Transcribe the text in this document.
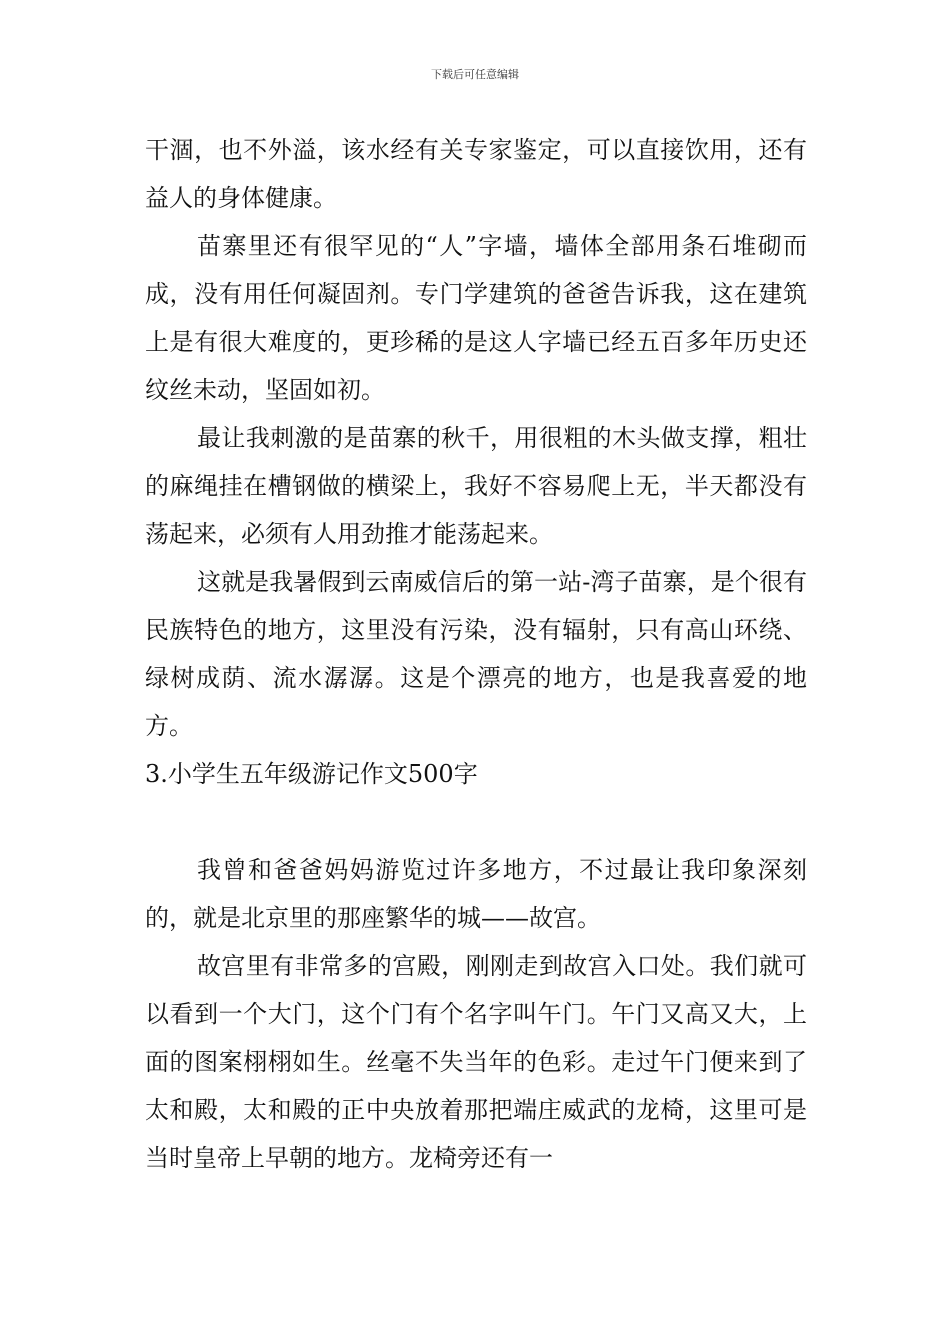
下载后可任意编辑

干涸，也不外溢，该水经有关专家鉴定，可以直接饮用，还有益人的身体健康。

苗寨里还有很罕见的“人”字墙，墙体全部用条石堆砌而成，没有用任何凝固剂。专门学建筑的爸爸告诉我，这在建筑上是有很大难度的，更珍稀的是这人字墙已经五百多年历史还纹丝未动，坚固如初。

最让我刺激的是苗寨的秋千，用很粗的木头做支撑，粗壮的麻绳挂在槽钢做的横梁上，我好不容易爬上无，半天都没有荡起来，必须有人用劲推才能荡起来。

这就是我暑假到云南威信后的第一站-湾子苗寨，是个很有民族特色的地方，这里没有污染，没有辐射，只有高山环绕、绿树成荫、流水潺潺。这是个漂亮的地方，也是我喜爱的地方。

3.小学生五年级游记作文500字

我曾和爸爸妈妈游览过许多地方，不过最让我印象深刻的，就是北京里的那座繁华的城——故宫。

故宫里有非常多的宫殿，刚刚走到故宫入口处。我们就可以看到一个大门，这个门有个名字叫午门。午门又高又大，上面的图案栩栩如生。丝毫不失当年的色彩。走过午门便来到了太和殿，太和殿的正中央放着那把端庄威武的龙椅，这里可是当时皇帝上早朝的地方。龙椅旁还有一
